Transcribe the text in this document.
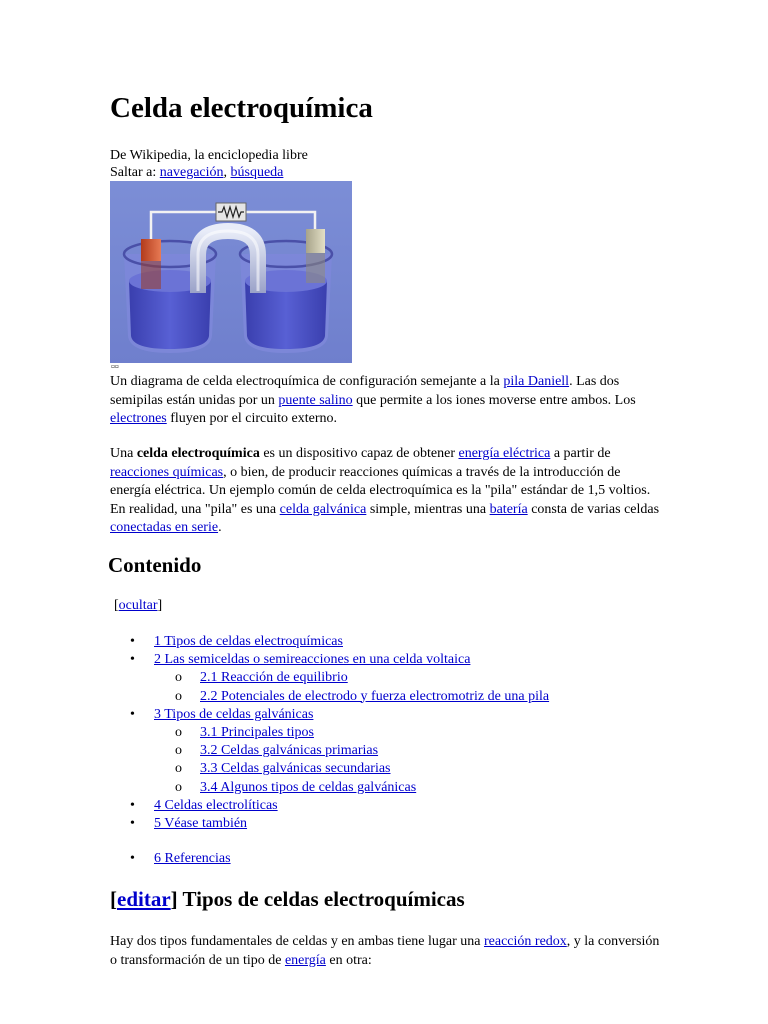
Celda electroquímica
De Wikipedia, la enciclopedia libre
Saltar a: navegación, búsqueda
▫▫
Un diagrama de celda electroquímica de configuración semejante a la pila Daniell. Las dos semipilas están unidas por un puente salino que permite a los iones moverse entre ambos. Los electrones fluyen por el circuito externo.
Una celda electroquímica es un dispositivo capaz de obtener energía eléctrica a partir de reacciones químicas, o bien, de producir reacciones químicas a través de la introducción de energía eléctrica. Un ejemplo común de celda electroquímica es la "pila" estándar de 1,5 voltios. En realidad, una "pila" es una celda galvánica simple, mientras una batería consta de varias celdas conectadas en serie.
Contenido
[ocultar]
• 1 Tipos de celdas electroquímicas
• 2 Las semiceldas o semireacciones en una celda voltaica
o 2.1 Reacción de equilibrio
o 2.2 Potenciales de electrodo y fuerza electromotriz de una pila
• 3 Tipos de celdas galvánicas
o 3.1 Principales tipos
o 3.2 Celdas galvánicas primarias
o 3.3 Celdas galvánicas secundarias
o 3.4 Algunos tipos de celdas galvánicas
• 4 Celdas electrolíticas
• 5 Véase también
• 6 Referencias
[editar] Tipos de celdas electroquímicas
Hay dos tipos fundamentales de celdas y en ambas tiene lugar una reacción redox, y la conversión o transformación de un tipo de energía en otra:
